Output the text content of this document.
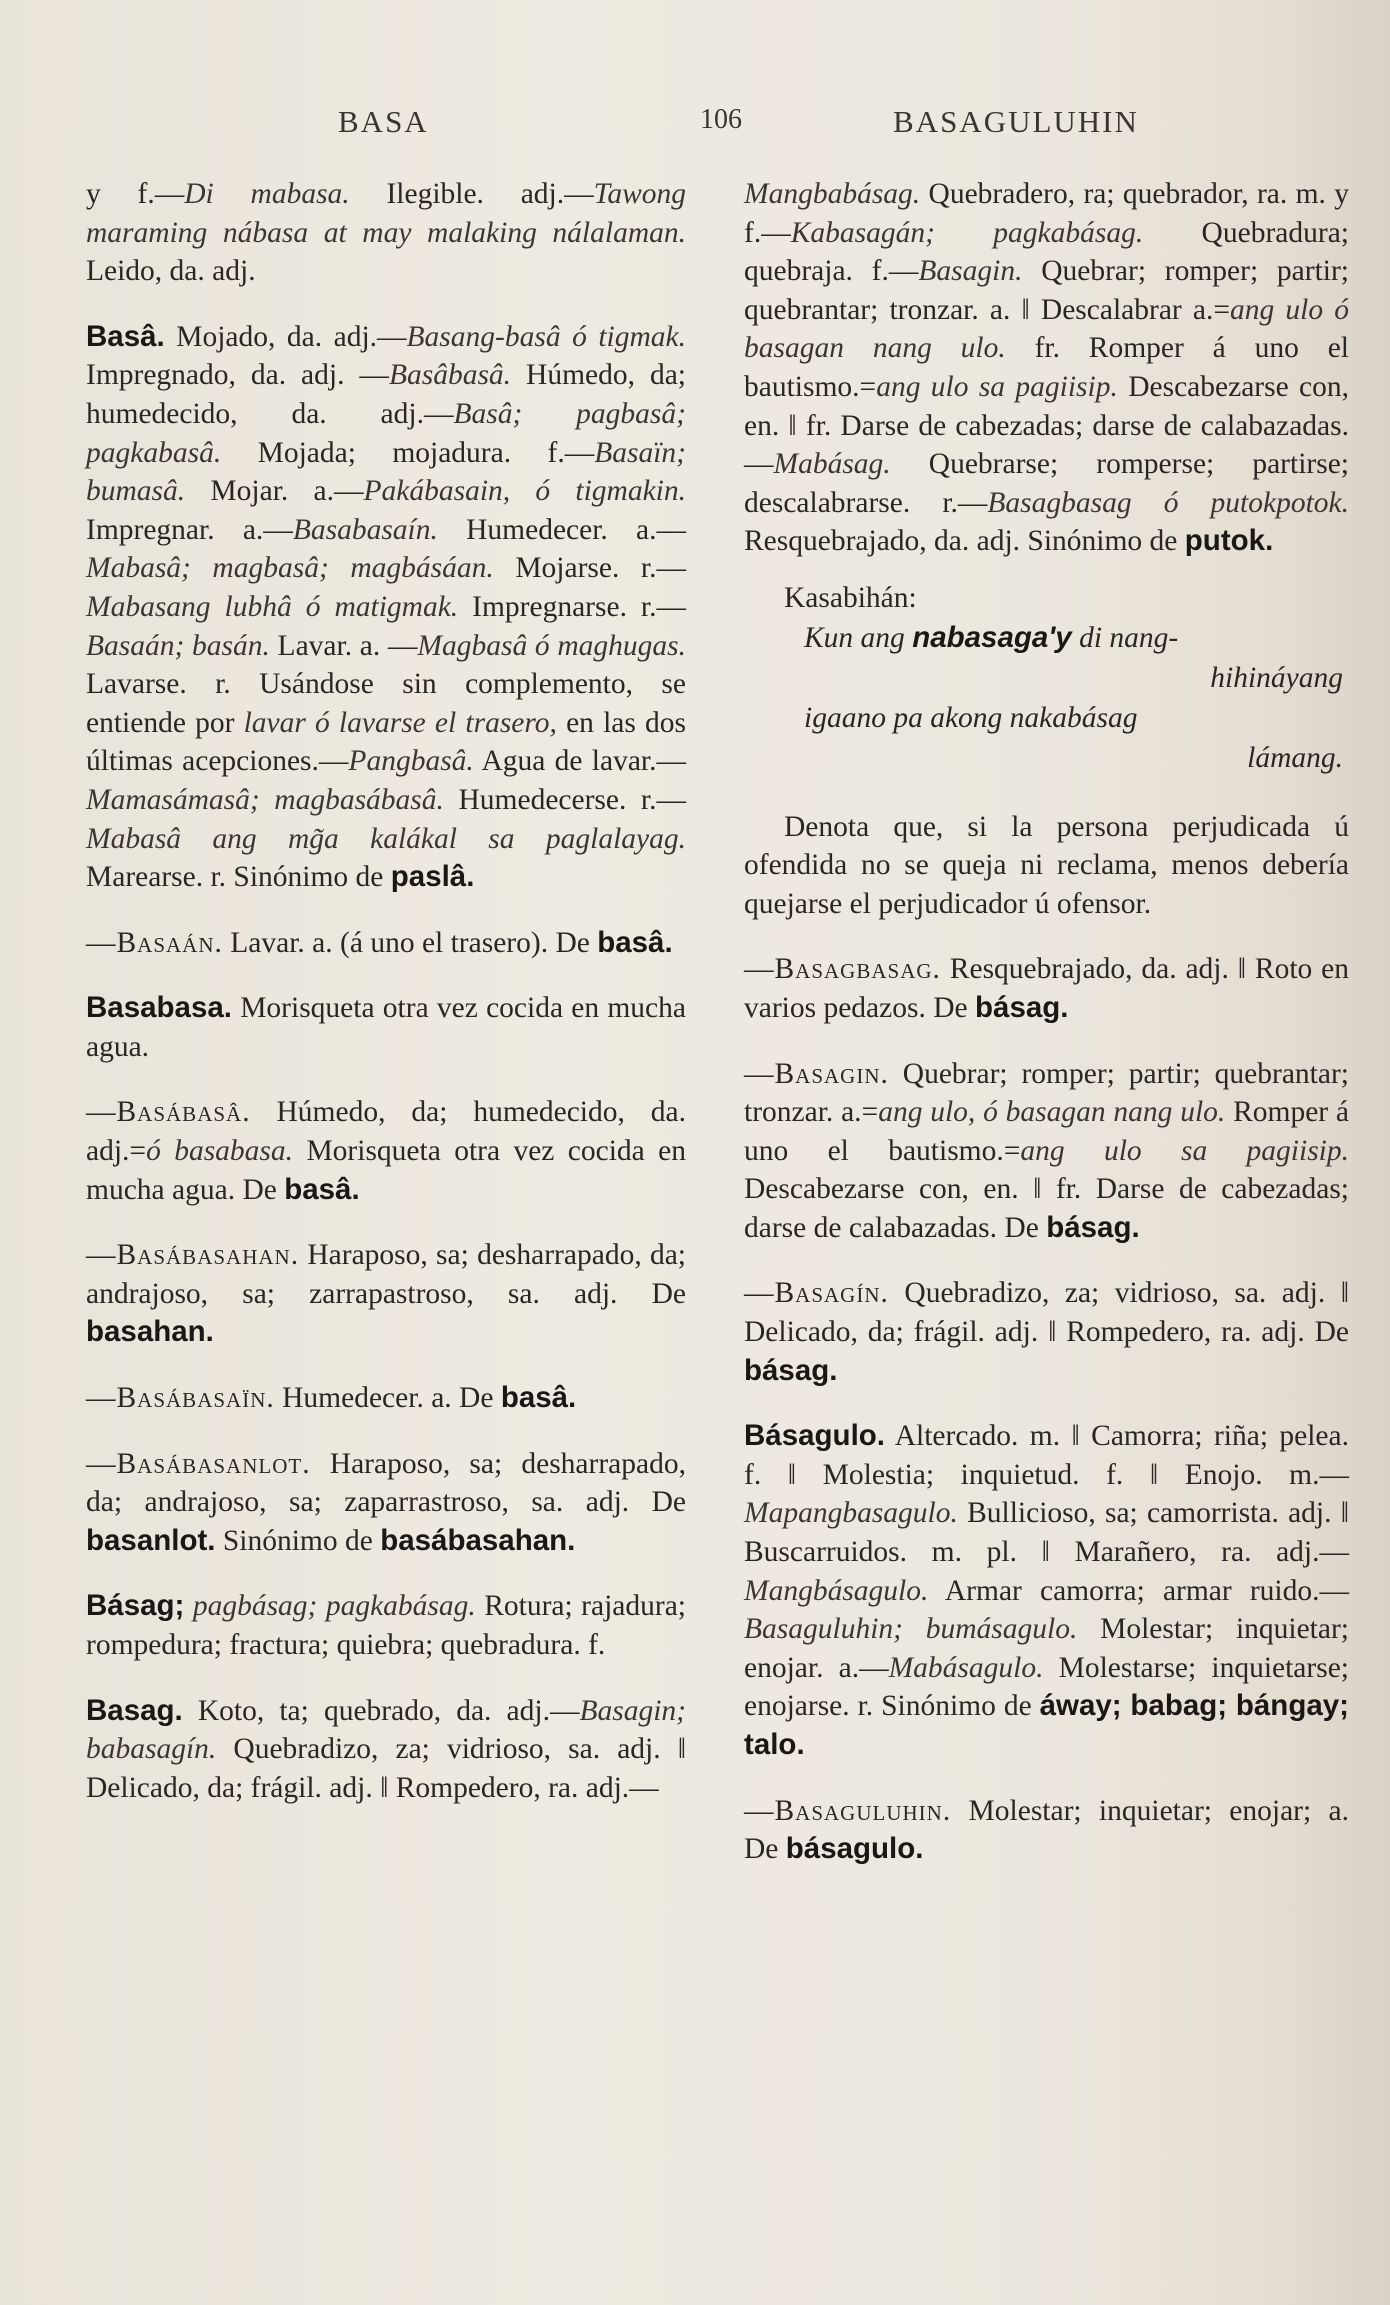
BASA	106	BASAGULUHIN

y f.—Di mabasa. Ilegible. adj.—Tawong maraming nábasa at may malaking nálalaman. Leido, da. adj.

Basâ. Mojado, da. adj.—Basang-basâ ó tigmak. Impregnado, da. adj. —Basâbasâ. Húmedo, da; humedecido, da. adj.—Basâ; pagbasâ; pagkabasâ. Mojada; mojadura. f.—Basaïn; bumasâ. Mojar. a.—Pakábasain, ó tigmakin. Impregnar. a.—Basabasaín. Humedecer. a.—Mabasâ; magbasâ; magbásáan. Mojarse. r.—Mabasang lubhâ ó matigmak. Impregnarse. r.—Basaán; basán. Lavar. a. —Magbasâ ó maghugas. Lavarse. r. Usándose sin complemento, se entiende por lavar ó lavarse el trasero, en las dos últimas acepciones.—Pangbasâ. Agua de lavar.—Mamasámasâ; magbasábasâ. Humedecerse. r.—Mabasâ ang mg̃a kalákal sa paglalayag. Marearse. r. Sinónimo de paslâ.

—Basaán. Lavar. a. (á uno el trasero). De basâ.

Basabasa. Morisqueta otra vez cocida en mucha agua.

—Basábasâ. Húmedo, da; humedecido, da. adj.=ó basabasa. Morisqueta otra vez cocida en mucha agua. De basâ.

—Basábasahan. Haraposo, sa; desharrapado, da; andrajoso, sa; zarrapastroso, sa. adj. De basahan.

—Basábasaïn. Humedecer. a. De basâ.

—Basábasanlot. Haraposo, sa; desharrapado, da; andrajoso, sa; zaparrastroso, sa. adj. De basanlot. Sinónimo de basábasahan.

Básag; pagbásag; pagkabásag. Rotura; rajadura; rompedura; fractura; quiebra; quebradura. f.

Basag. Koto, ta; quebrado, da. adj.—Basagin; babasagín. Quebradizo, za; vidrioso, sa. adj. ‖ Delicado, da; frágil. adj. ‖ Rompedero, ra. adj.—

Mangbabásag. Quebradero, ra; quebrador, ra. m. y f.—Kabasagán; pagkabásag. Quebradura; quebraja. f.—Basagin. Quebrar; romper; partir; quebrantar; tronzar. a. ‖ Descalabrar a.=ang ulo ó basagan nang ulo. fr. Romper á uno el bautismo.=ang ulo sa pagiisip. Descabezarse con, en. ‖ fr. Darse de cabezadas; darse de calabazadas.—Mabásag. Quebrarse; romperse; partirse; descalabrarse. r.—Basagbasag ó putokpotok. Resquebrajado, da. adj. Sinónimo de putok.

Kasabihán:

Kun ang nabasaga'y di nang-
hihináyang
igaano pa akong nakabásag
lámang.

Denota que, si la persona perjudicada ú ofendida no se queja ni reclama, menos debería quejarse el perjudicador ú ofensor.

—Basagbasag. Resquebrajado, da. adj. ‖ Roto en varios pedazos. De básag.

—Basagin. Quebrar; romper; partir; quebrantar; tronzar. a.=ang ulo, ó basagan nang ulo. Romper á uno el bautismo.=ang ulo sa pagiisip. Descabezarse con, en. ‖ fr. Darse de cabezadas; darse de calabazadas. De básag.

—Basagín. Quebradizo, za; vidrioso, sa. adj. ‖ Delicado, da; frágil. adj. ‖ Rompedero, ra. adj. De básag.

Básagulo. Altercado. m. ‖ Camorra; riña; pelea. f. ‖ Molestia; inquietud. f. ‖ Enojo. m.—Mapangbasagulo. Bullicioso, sa; camorrista. adj. ‖ Buscarruidos. m. pl. ‖ Marañero, ra. adj.—Mangbásagulo. Armar camorra; armar ruido.—Basaguluhin; bumásagulo. Molestar; inquietar; enojar. a.—Mabásagulo. Molestarse; inquietarse; enojarse. r. Sinónimo de áway; babag; bángay; talo.

—Basaguluhin. Molestar; inquietar; enojar; a. De básagulo.
